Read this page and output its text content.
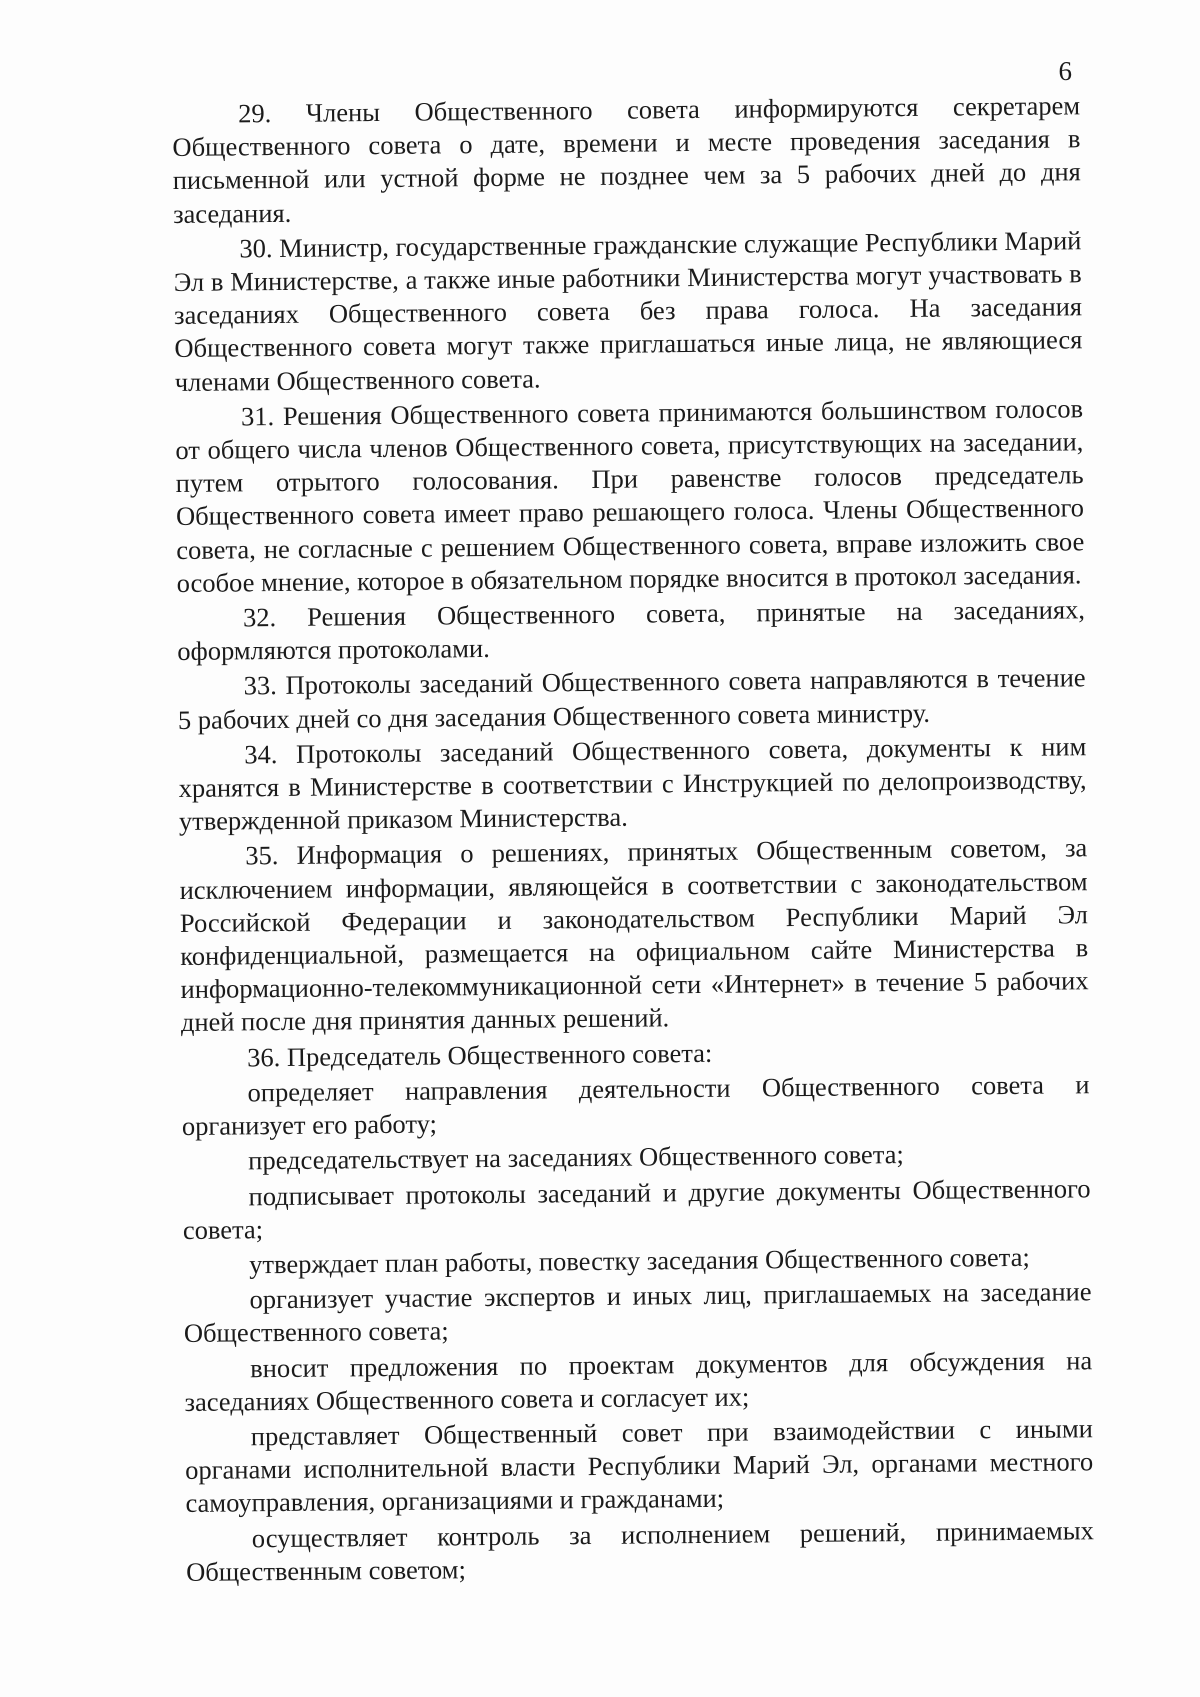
6

29. Члены Общественного совета информируются секретарем Общественного совета о дате, времени и месте проведения заседания в письменной или устной форме не позднее чем за 5 рабочих дней до дня заседания.

30. Министр, государственные гражданские служащие Республики Марий Эл в Министерстве, а также иные работники Министерства могут участвовать в заседаниях Общественного совета без права голоса. На заседания Общественного совета могут также приглашаться иные лица, не являющиеся членами Общественного совета.

31. Решения Общественного совета принимаются большинством голосов от общего числа членов Общественного совета, присутствующих на заседании, путем отрытого голосования. При равенстве голосов председатель Общественного совета имеет право решающего голоса. Члены Общественного совета, не согласные с решением Общественного совета, вправе изложить свое особое мнение, которое в обязательном порядке вносится в протокол заседания.

32. Решения Общественного совета, принятые на заседаниях, оформляются протоколами.

33. Протоколы заседаний Общественного совета направляются в течение 5 рабочих дней со дня заседания Общественного совета министру.

34. Протоколы заседаний Общественного совета, документы к ним хранятся в Министерстве в соответствии с Инструкцией по делопроизводству, утвержденной приказом Министерства.

35. Информация о решениях, принятых Общественным советом, за исключением информации, являющейся в соответствии с законодательством Российской Федерации и законодательством Республики Марий Эл конфиденциальной, размещается на официальном сайте Министерства в информационно-телекоммуникационной сети «Интернет» в течение 5 рабочих дней после дня принятия данных решений.

36. Председатель Общественного совета:

определяет направления деятельности Общественного совета и организует его работу;

председательствует на заседаниях Общественного совета;

подписывает протоколы заседаний и другие документы Общественного совета;

утверждает план работы, повестку заседания Общественного совета;

организует участие экспертов и иных лиц, приглашаемых на заседание Общественного совета;

вносит предложения по проектам документов для обсуждения на заседаниях Общественного совета и согласует их;

представляет Общественный совет при взаимодействии с иными органами исполнительной власти Республики Марий Эл, органами местного самоуправления, организациями и гражданами;

осуществляет контроль за исполнением решений, принимаемых Общественным советом;
